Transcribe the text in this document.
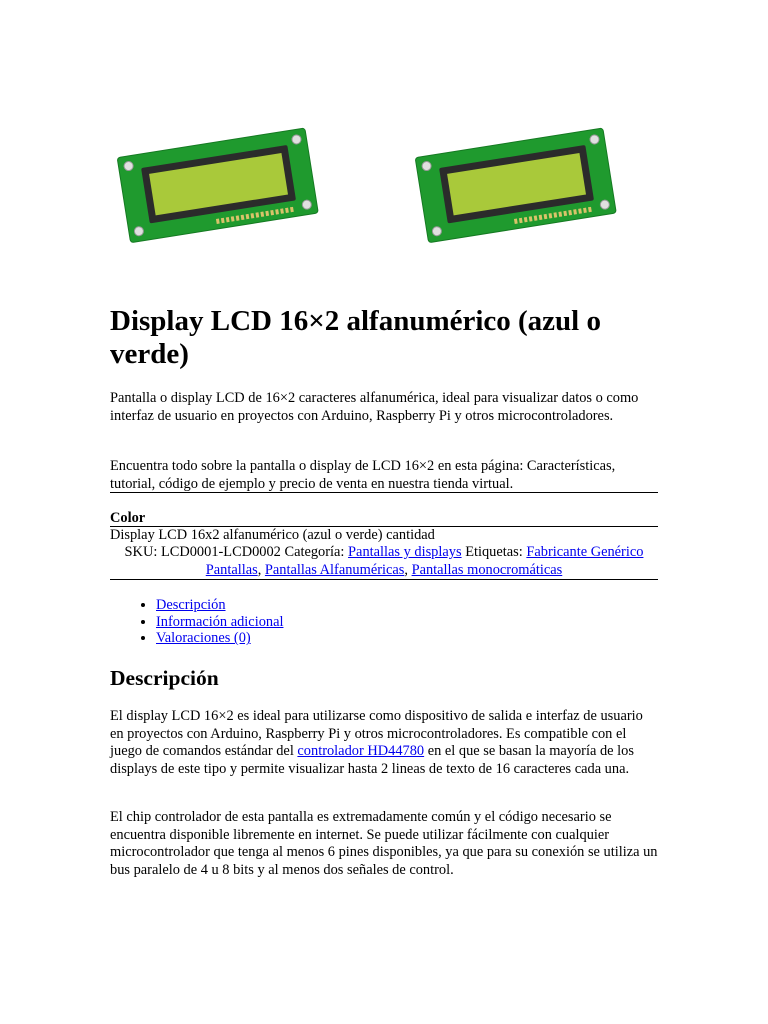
Display LCD 16×2 alfanumérico (azul o verde)

Pantalla o display LCD de 16×2 caracteres alfanumérica, ideal para visualizar datos o como interfaz de usuario en proyectos con Arduino, Raspberry Pi y otros microcontroladores.

Encuentra todo sobre la pantalla o display de LCD 16×2 en esta página: Características, tutorial, código de ejemplo y precio de venta en nuestra tienda virtual.

Color
Display LCD 16x2 alfanumérico (azul o verde) cantidad
SKU: LCD0001-LCD0002 Categoría: Pantallas y displays Etiquetas: Fabricante Genérico Pantallas, Pantallas Alfanuméricas, Pantallas monocromáticas
• Descripción
• Información adicional
• Valoraciones (0)
Descripción

El display LCD 16×2 es ideal para utilizarse como dispositivo de salida e interfaz de usuario en proyectos con Arduino, Raspberry Pi y otros microcontroladores. Es compatible con el juego de comandos estándar del controlador HD44780 en el que se basan la mayoría de los displays de este tipo y permite visualizar hasta 2 lineas de texto de 16 caracteres cada una.

El chip controlador de esta pantalla es extremadamente común y el código necesario se encuentra disponible libremente en internet. Se puede utilizar fácilmente con cualquier microcontrolador que tenga al menos 6 pines disponibles, ya que para su conexión se utiliza un bus paralelo de 4 u 8 bits y al menos dos señales de control.
